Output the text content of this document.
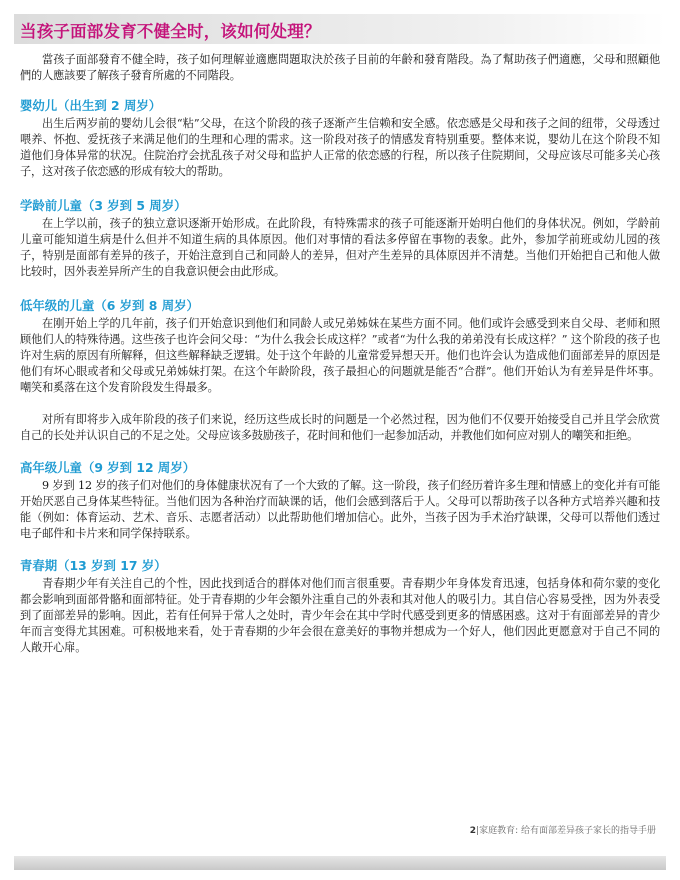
当孩子面部发育不健全时，该如何处理？

當孩子面部發育不健全時，孩子如何理解並適應問題取決於孩子目前的年齡和發育階段。為了幫助孩子們適應，父母和照顧他們的人應該要了解孩子發育所處的不同階段。

婴幼儿（出生到 2 周岁）

出生后两岁前的婴幼儿会很“粘”父母，在这个阶段的孩子逐渐产生信赖和安全感。依恋感是父母和孩子之间的纽带，父母透过喂养、怀抱、爱抚孩子来满足他们的生理和心理的需求。这一阶段对孩子的情感发育特别重要。整体来说，婴幼儿在这个阶段不知道他们身体异常的状况。住院治疗会扰乱孩子对父母和监护人正常的依恋感的行程，所以孩子住院期间，父母应该尽可能多关心孩子，这对孩子依恋感的形成有较大的帮助。

学龄前儿童（3 岁到 5 周岁）

在上学以前，孩子的独立意识逐渐开始形成。在此阶段，有特殊需求的孩子可能逐渐开始明白他们的身体状况。例如，学龄前儿童可能知道生病是什么但并不知道生病的具体原因。他们对事情的看法多停留在事物的表象。此外，参加学前班或幼儿园的孩子，特别是面部有差异的孩子，开始注意到自己和同龄人的差异，但对产生差异的具体原因并不清楚。当他们开始把自己和他人做比较时，因外表差异所产生的自我意识便会由此形成。

低年级的儿童（6 岁到 8 周岁）

在刚开始上学的几年前，孩子们开始意识到他们和同龄人或兄弟姊妹在某些方面不同。他们或许会感受到来自父母、老师和照顾他们人的特殊待遇。这些孩子也许会问父母：“为什么我会长成这样？”或者“为什么我的弟弟没有长成这样？” 这个阶段的孩子也许对生病的原因有所解释，但这些解释缺乏逻辑。处于这个年龄的儿童常爱异想天开。他们也许会认为造成他们面部差异的原因是他们有坏心眼或者和父母或兄弟姊妹打架。在这个年龄阶段，孩子最担心的问题就是能否“合群”。他们开始认为有差异是件坏事。嘲笑和奚落在这个发育阶段发生得最多。

对所有即将步入成年阶段的孩子们来说，经历这些成长时的问题是一个必然过程，因为他们不仅要开始接受自己并且学会欣赏自己的长处并认识自己的不足之处。父母应该多鼓励孩子，花时间和他们一起参加活动，并教他们如何应对别人的嘲笑和拒绝。

高年级儿童（9 岁到 12 周岁）

9 岁到 12 岁的孩子们对他们的身体健康状况有了一个大致的了解。这一阶段，孩子们经历着许多生理和情感上的变化并有可能开始厌恶自己身体某些特征。当他们因为各种治疗而缺课的话，他们会感到落后于人。父母可以帮助孩子以各种方式培养兴趣和技能（例如：体育运动、艺术、音乐、志愿者活动）以此帮助他们增加信心。此外，当孩子因为手术治疗缺课，父母可以帮他们透过电子邮件和卡片来和同学保持联系。

青春期（13 岁到 17 岁）

青春期少年有关注自己的个性，因此找到适合的群体对他们而言很重要。青春期少年身体发育迅速，包括身体和荷尔蒙的变化都会影响到面部骨骼和面部特征。处于青春期的少年会額外注重自己的外表和其对他人的吸引力。其自信心容易受挫，因为外表受到了面部差异的影响。因此，若有任何异于常人之处时，青少年会在其中学时代感受到更多的情感困惑。这对于有面部差异的青少年而言变得尤其困难。可积极地来看，处于青春期的少年会很在意美好的事物并想成为一个好人，他们因此更愿意对于自己不同的人敞开心扉。

2|家庭教育: 给有面部差异孩子家长的指导手册
